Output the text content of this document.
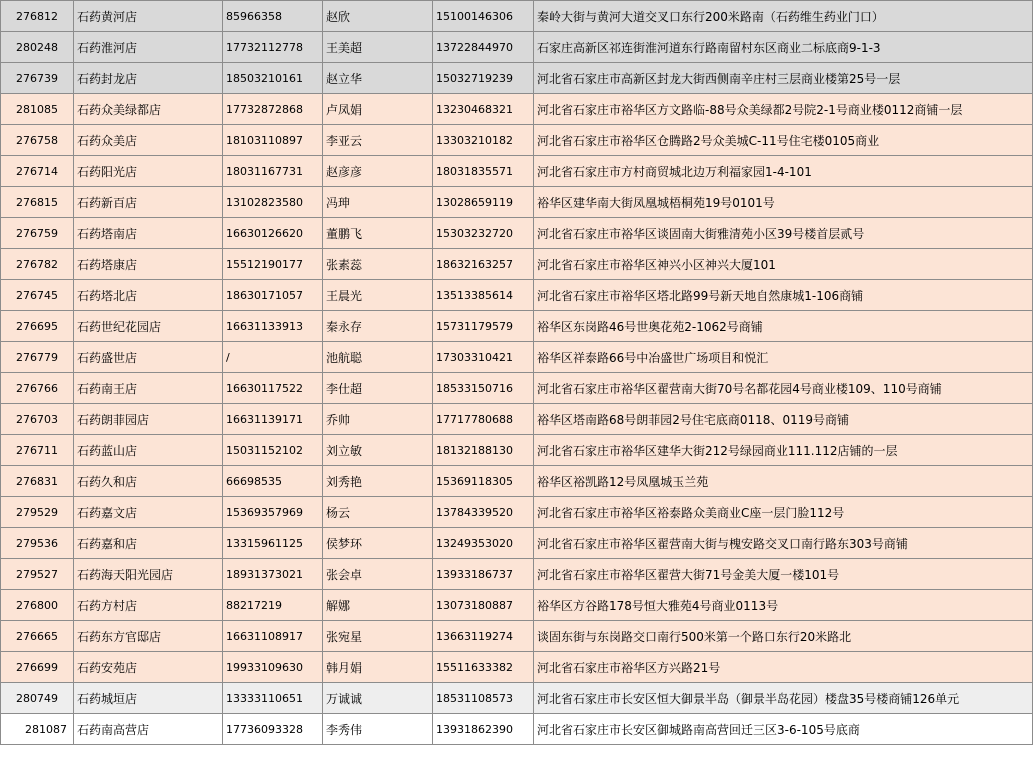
276812	石药黄河店	85966358	赵欣	15100146306	秦岭大街与黄河大道交叉口东行200米路南（石药维生药业门口）
280248	石药淮河店	17732112778	王美超	13722844970	石家庄高新区祁连街淮河道东行路南留村东区商业二标底商9-1-3
276739	石药封龙店	18503210161	赵立华	15032719239	河北省石家庄市高新区封龙大街西侧南辛庄村三层商业楼第25号一层
281085	石药众美绿都店	17732872868	卢凤娟	13230468321	河北省石家庄市裕华区方文路临-88号众美绿都2号院2-1号商业楼0112商铺一层
276758	石药众美店	18103110897	李亚云	13303210182	河北省石家庄市裕华区仓腾路2号众美城C-11号住宅楼0105商业
276714	石药阳光店	18031167731	赵彦彦	18031835571	河北省石家庄市方村商贸城北边万利福家园1-4-101
276815	石药新百店	13102823580	冯珅	13028659119	裕华区建华南大街凤凰城梧桐苑19号0101号
276759	石药塔南店	16630126620	董鹏飞	15303232720	河北省石家庄市裕华区谈固南大街雅清苑小区39号楼首层贰号
276782	石药塔康店	15512190177	张素蕊	18632163257	河北省石家庄市裕华区神兴小区神兴大厦101
276745	石药塔北店	18630171057	王晨光	13513385614	河北省石家庄市裕华区塔北路99号新天地自然康城1-106商铺
276695	石药世纪花园店	16631133913	秦永存	15731179579	裕华区东岗路46号世奥花苑2-1062号商铺
276779	石药盛世店	/	池航聪	17303310421	裕华区祥泰路66号中冶盛世广场项目和悦汇
276766	石药南王店	16630117522	李仕超	18533150716	河北省石家庄市裕华区翟营南大街70号名都花园4号商业楼109、110号商铺
276703	石药朗菲园店	16631139171	乔帅	17717780688	裕华区塔南路68号朗菲园2号住宅底商0118、0119号商铺
276711	石药蓝山店	15031152102	刘立敏	18132188130	河北省石家庄市裕华区建华大街212号绿园商业111.112店铺的一层
276831	石药久和店	66698535	刘秀艳	15369118305	裕华区裕凯路12号凤凰城玉兰苑
279529	石药嘉文店	15369357969	杨云	13784339520	河北省石家庄市裕华区裕泰路众美商业C座一层门脸112号
279536	石药嘉和店	13315961125	侯梦环	13249353020	河北省石家庄市裕华区翟营南大街与槐安路交叉口南行路东303号商铺
279527	石药海天阳光园店	18931373021	张会卓	13933186737	河北省石家庄市裕华区翟营大街71号金美大厦一楼101号
276800	石药方村店	88217219	解娜	13073180887	裕华区方谷路178号恒大雅苑4号商业0113号
276665	石药东方官邸店	16631108917	张宛星	13663119274	谈固东街与东岗路交口南行500米第一个路口东行20米路北
276699	石药安苑店	19933109630	韩月娟	15511633382	河北省石家庄市裕华区方兴路21号
280749	石药城垣店	13333110651	万诚诚	18531108573	河北省石家庄市长安区恒大御景半岛（御景半岛花园）楼盘35号楼商铺126单元
281087	石药南高营店	17736093328	李秀伟	13931862390	河北省石家庄市长安区御城路南高营回迁三区3-6-105号底商
